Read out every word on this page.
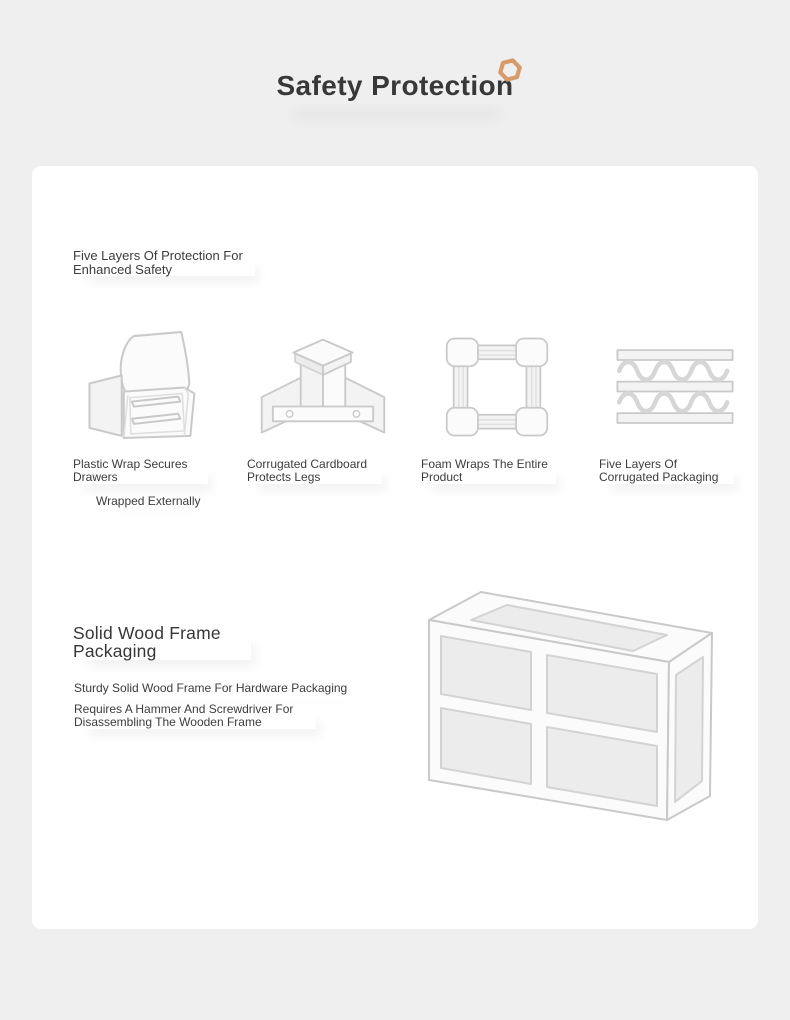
Safety Protection
Five Layers Of Protection For Enhanced Safety
Plastic Wrap Secures Drawers
Wrapped Externally
Corrugated Cardboard Protects Legs
Foam Wraps The Entire Product
Five Layers Of Corrugated Packaging
Solid Wood Frame Packaging
Sturdy Solid Wood Frame For Hardware Packaging
Requires A Hammer And Screwdriver For Disassembling The Wooden Frame
